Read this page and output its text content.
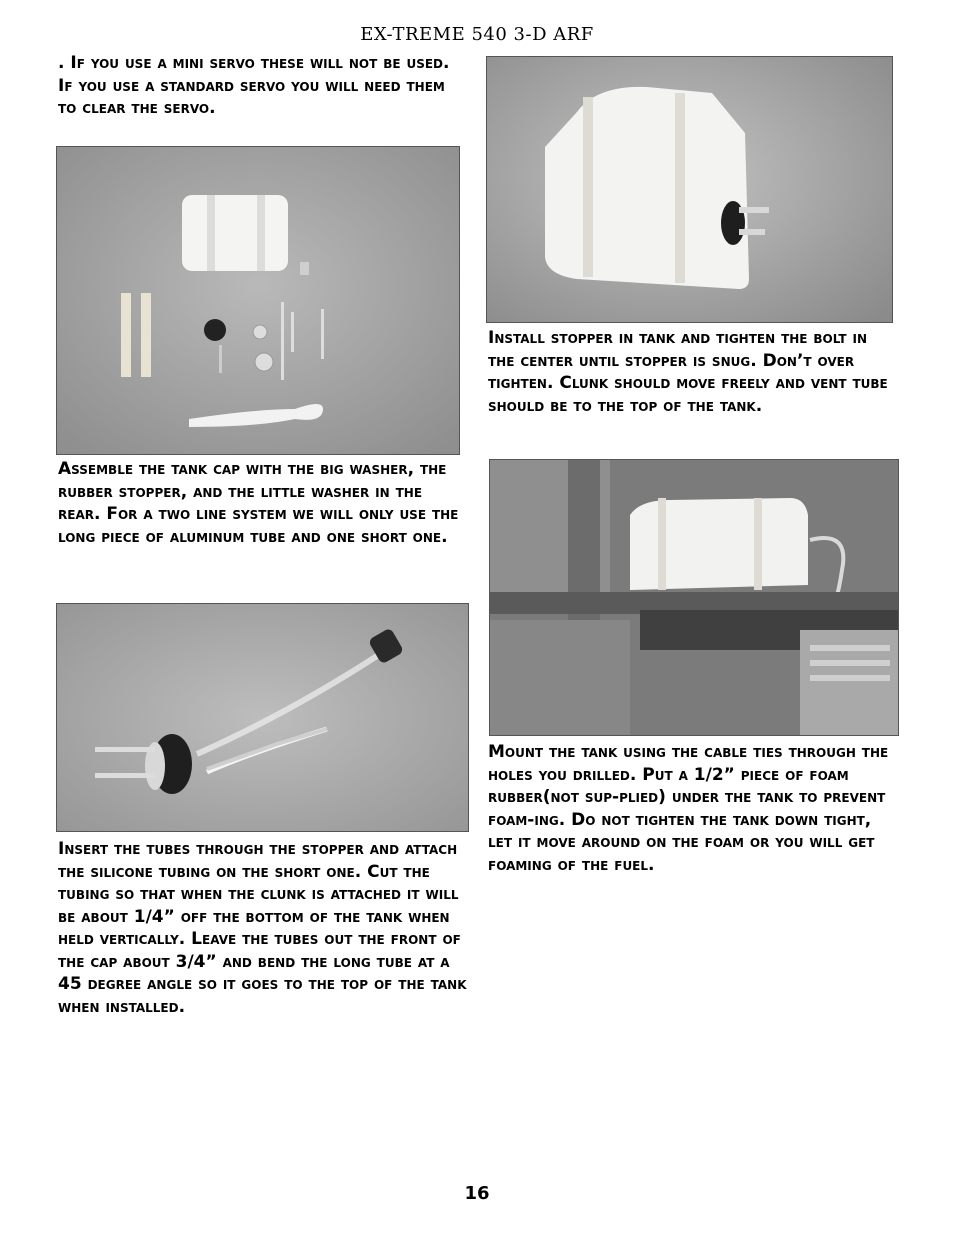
EX-TREME 540 3-D ARF

. If you use a mini servo these will not be used. If you use a standard servo you will need them to clear the servo.

Assemble the tank cap with the big washer, the rubber stopper, and the little washer in the rear. For a two line system we will only use the long piece of aluminum tube and one short one.

Insert the tubes through the stopper and attach the silicone tubing on the short one. Cut the tubing so that when the clunk is attached it will be about 1/4” off the bottom of the tank when held vertically. Leave the tubes out the front of the cap about 3/4” and bend the long tube at a 45 degree angle so it goes to the top of the tank when installed.

Install stopper in tank and tighten the bolt in the center until stopper is snug. Don’t over tighten. Clunk should move freely and vent tube should be to the top of the tank.

Mount the tank using the cable ties through the holes you drilled. Put a 1/2” piece of foam rubber(not sup-plied) under the tank to prevent foam-ing. Do not tighten the tank down tight, let it move around on the foam or you will get foaming of the fuel.

16
